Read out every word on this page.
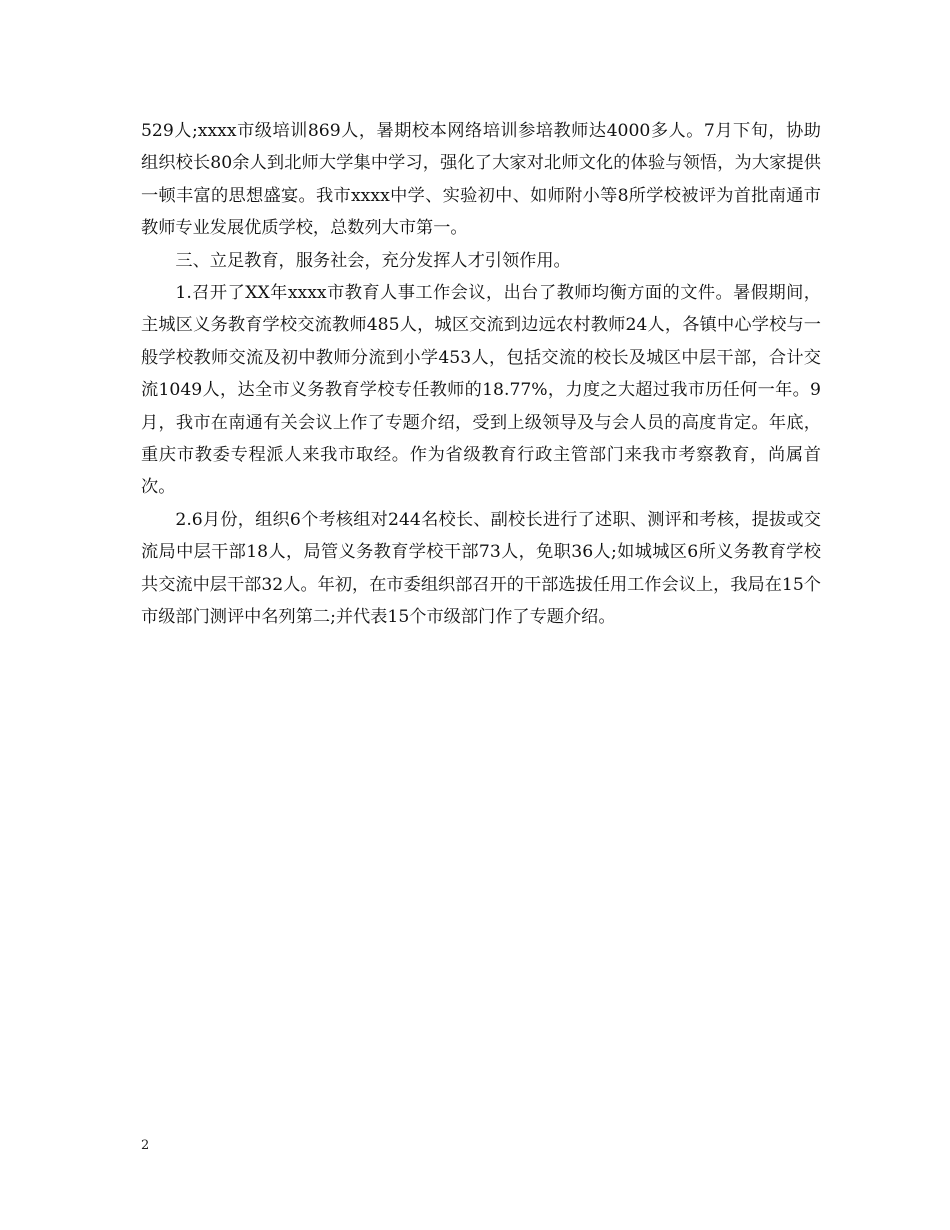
529人;xxxx市级培训869人，暑期校本网络培训参培教师达4000多人。7月下旬，协助组织校长80余人到北师大学集中学习，强化了大家对北师文化的体验与领悟，为大家提供一顿丰富的思想盛宴。我市xxxx中学、实验初中、如师附小等8所学校被评为首批南通市教师专业发展优质学校，总数列大市第一。

三、立足教育，服务社会，充分发挥人才引领作用。

1.召开了XX年xxxx市教育人事工作会议，出台了教师均衡方面的文件。暑假期间，主城区义务教育学校交流教师485人，城区交流到边远农村教师24人，各镇中心学校与一般学校教师交流及初中教师分流到小学453人，包括交流的校长及城区中层干部，合计交流1049人，达全市义务教育学校专任教师的18.77%，力度之大超过我市历任何一年。9月，我市在南通有关会议上作了专题介绍，受到上级领导及与会人员的高度肯定。年底，重庆市教委专程派人来我市取经。作为省级教育行政主管部门来我市考察教育，尚属首次。

2.6月份，组织6个考核组对244名校长、副校长进行了述职、测评和考核，提拔或交流局中层干部18人，局管义务教育学校干部73人，免职36人;如城城区6所义务教育学校共交流中层干部32人。年初，在市委组织部召开的干部选拔任用工作会议上，我局在15个市级部门测评中名列第二;并代表15个市级部门作了专题介绍。

2
